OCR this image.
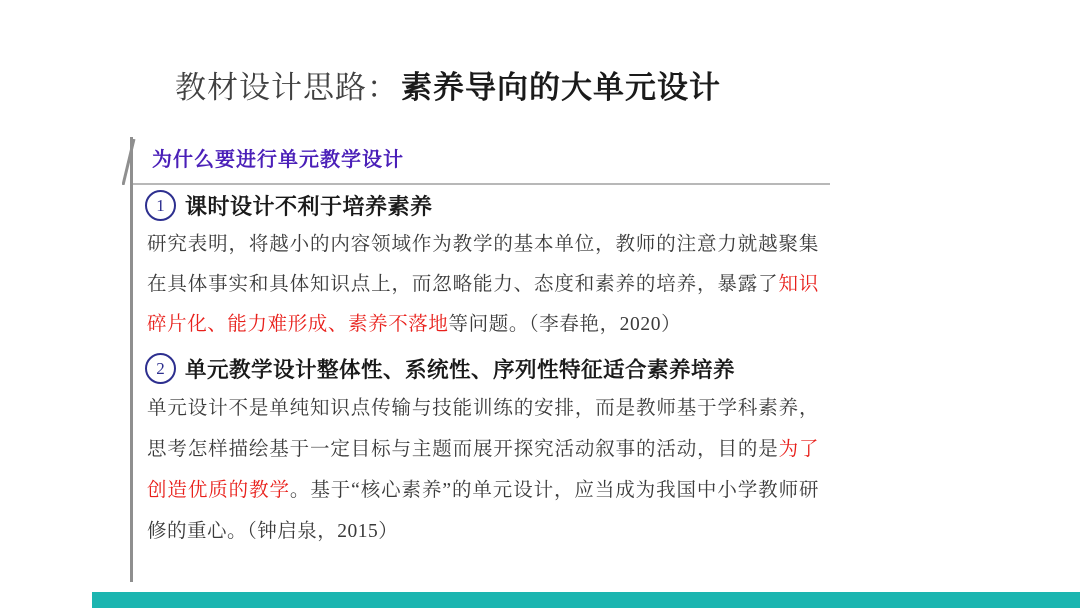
教材设计思路： 素养导向的大单元设计
为什么要进行单元教学设计
1 课时设计不利于培养素养
研究表明，将越小的内容领域作为教学的基本单位，教师的注意力就越聚集在具体事实和具体知识点上，而忽略能力、态度和素养的培养，暴露了知识碎片化、能力难形成、素养不落地等问题。（李春艳，2020）
2 单元教学设计整体性、系统性、序列性特征适合素养培养
单元设计不是单纯知识点传输与技能训练的安排，而是教师基于学科素养，思考怎样描绘基于一定目标与主题而展开探究活动叙事的活动，目的是为了创造优质的教学。基于“核心素养”的单元设计，应当成为我国中小学教师研修的重心。（钟启泉，2015）
